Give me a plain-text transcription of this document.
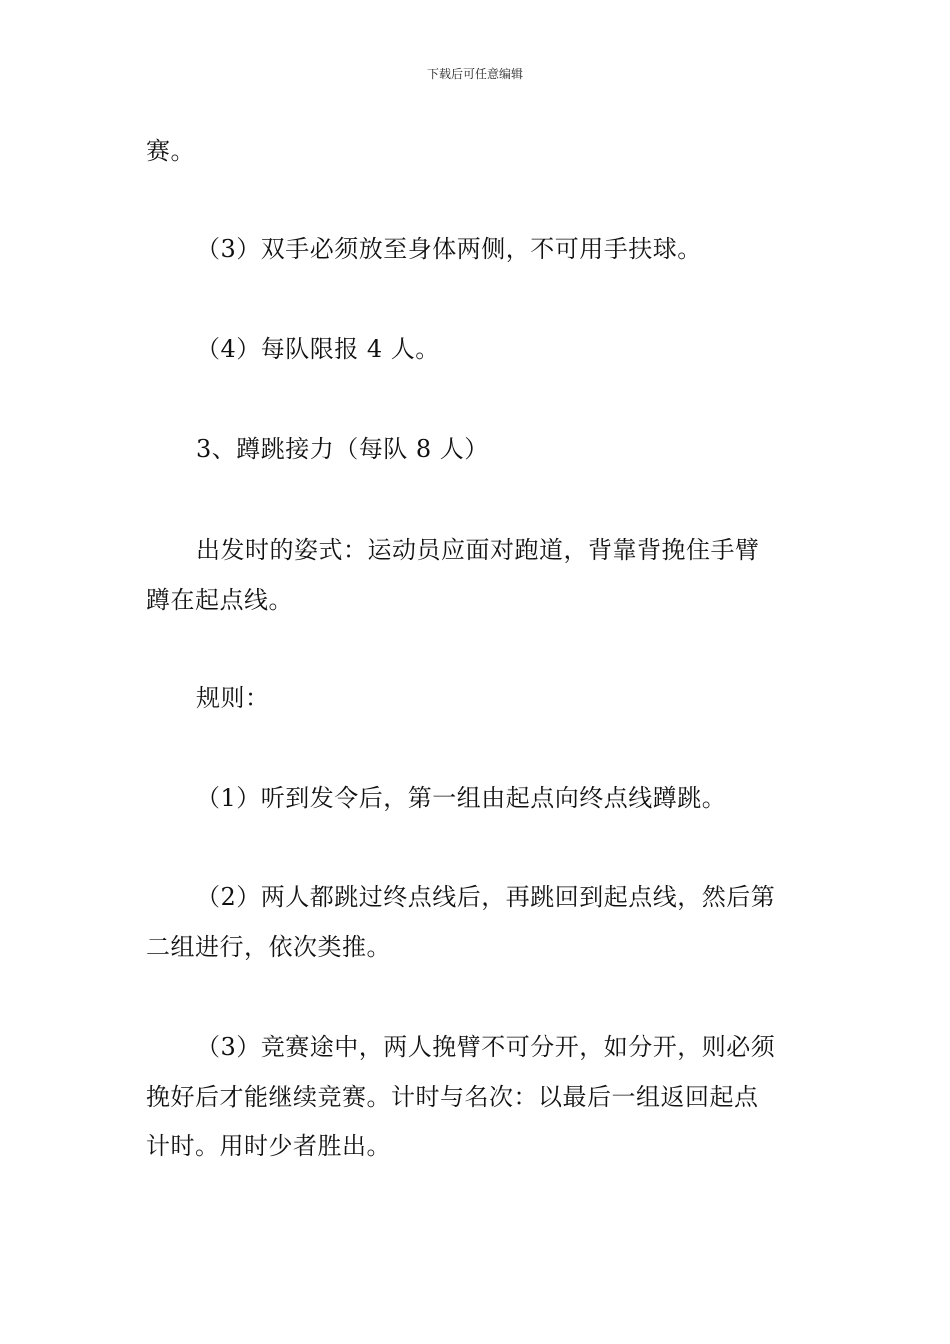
下载后可任意编辑
赛。
（3）双手必须放至身体两侧，不可用手扶球。
（4）每队限报 4 人。
3、蹲跳接力（每队 8 人）
出发时的姿式：运动员应面对跑道，背靠背挽住手臂
蹲在起点线。
规则：
（1）听到发令后，第一组由起点向终点线蹲跳。
（2）两人都跳过终点线后，再跳回到起点线，然后第
二组进行，依次类推。
（3）竞赛途中，两人挽臂不可分开，如分开，则必须
挽好后才能继续竞赛。计时与名次：以最后一组返回起点
计时。用时少者胜出。
